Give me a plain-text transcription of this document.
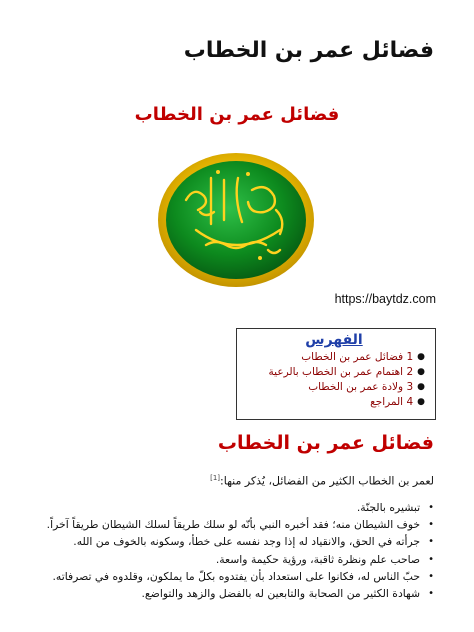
فضائل عمر بن الخطاب
فضائل عمر بن الخطاب
https://baytdz.com
الفهرس
●
1 فضائل عمر بن الخطاب
●
2 اهتمام عمر بن الخطاب بالرعية
●
3 ولادة عمر بن الخطاب
●
4 المراجع
فضائل عمر بن الخطاب
لعمر بن الخطاب الكثير من الفضائل، يُذكر منها:[1]
•
تبشيره بالجنّة.
•
خوف الشيطان منه؛ فقد أخبره النبي بأنّه لو سلك طريقاً لسلك الشيطان طريقاً آخراً.
•
جرأته في الحق، والانقياد له إذا وجد نفسه على خطأ، وسكونه بالخوف من الله.
•
صاحب علم ونظرة ثاقبة، ورؤية حكيمة واسعة.
•
حبّ الناس له، فكانوا على استعداد بأن يفتدوه بكلّ ما يملكون، وقلدوه في تصرفاته.
•
شهادة الكثير من الصحابة والتابعين له بالفضل والزهد والتواضع.
